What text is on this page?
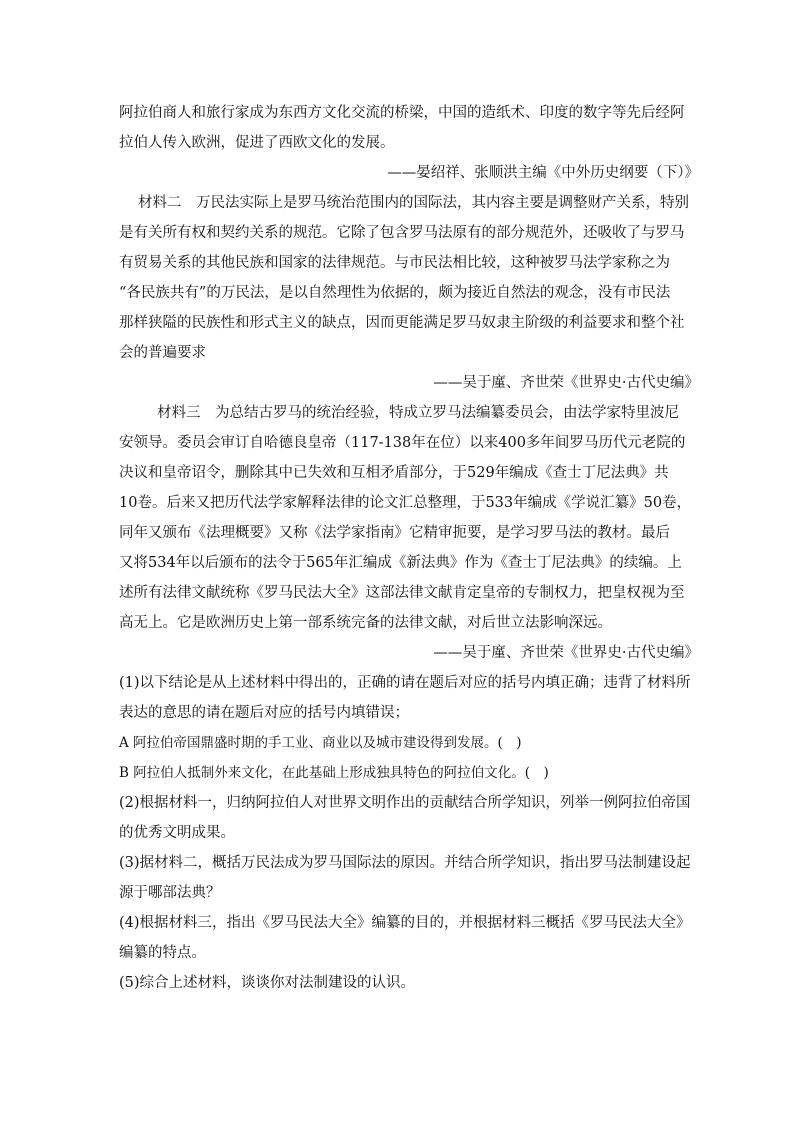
阿拉伯商人和旅行家成为东西方文化交流的桥梁，中国的造纸术、印度的数字等先后经阿
拉伯人传入欧洲，促进了西欧文化的发展。
——晏绍祥、张顺洪主编《中外历史纲要（下）》
材料二　万民法实际上是罗马统治范围内的国际法，其内容主要是调整财产关系，特别
是有关所有权和契约关系的规范。它除了包含罗马法原有的部分规范外，还吸收了与罗马
有贸易关系的其他民族和国家的法律规范。与市民法相比较，这种被罗马法学家称之为
“各民族共有”的万民法，是以自然理性为依据的，颇为接近自然法的观念，没有市民法
那样狭隘的民族性和形式主义的缺点，因而更能满足罗马奴隶主阶级的利益要求和整个社
会的普遍要求
——吴于廑、齐世荣《世界史·古代史编》
材料三　为总结古罗马的统治经验，特成立罗马法编纂委员会，由法学家特里波尼
安领导。委员会审订自哈德良皇帝（117-138年在位）以来400多年间罗马历代元老院的
决议和皇帝诏令，删除其中已失效和互相矛盾部分，于529年编成《查士丁尼法典》共
10卷。后来又把历代法学家解释法律的论文汇总整理，于533年编成《学说汇纂》50卷，
同年又颁布《法理概要》又称《法学家指南》它精审扼要，是学习罗马法的教材。最后
又将534年以后颁布的法令于565年汇编成《新法典》作为《查士丁尼法典》的续编。上
述所有法律文献统称《罗马民法大全》这部法律文献肯定皇帝的专制权力，把皇权视为至
高无上。它是欧洲历史上第一部系统完备的法律文献，对后世立法影响深远。
——吴于廑、齐世荣《世界史·古代史编》
(1)以下结论是从上述材料中得出的，正确的请在题后对应的括号内填正确；违背了材料所
表达的意思的请在题后对应的括号内填错误；
A 阿拉伯帝国鼎盛时期的手工业、商业以及城市建设得到发展。(　)
B 阿拉伯人抵制外来文化，在此基础上形成独具特色的阿拉伯文化。(　)
(2)根据材料一，归纳阿拉伯人对世界文明作出的贡献结合所学知识，列举一例阿拉伯帝国
的优秀文明成果。
(3)据材料二，概括万民法成为罗马国际法的原因。并结合所学知识，指出罗马法制建设起
源于哪部法典？
(4)根据材料三，指出《罗马民法大全》编纂的目的，并根据材料三概括《罗马民法大全》
编纂的特点。
(5)综合上述材料，谈谈你对法制建设的认识。
